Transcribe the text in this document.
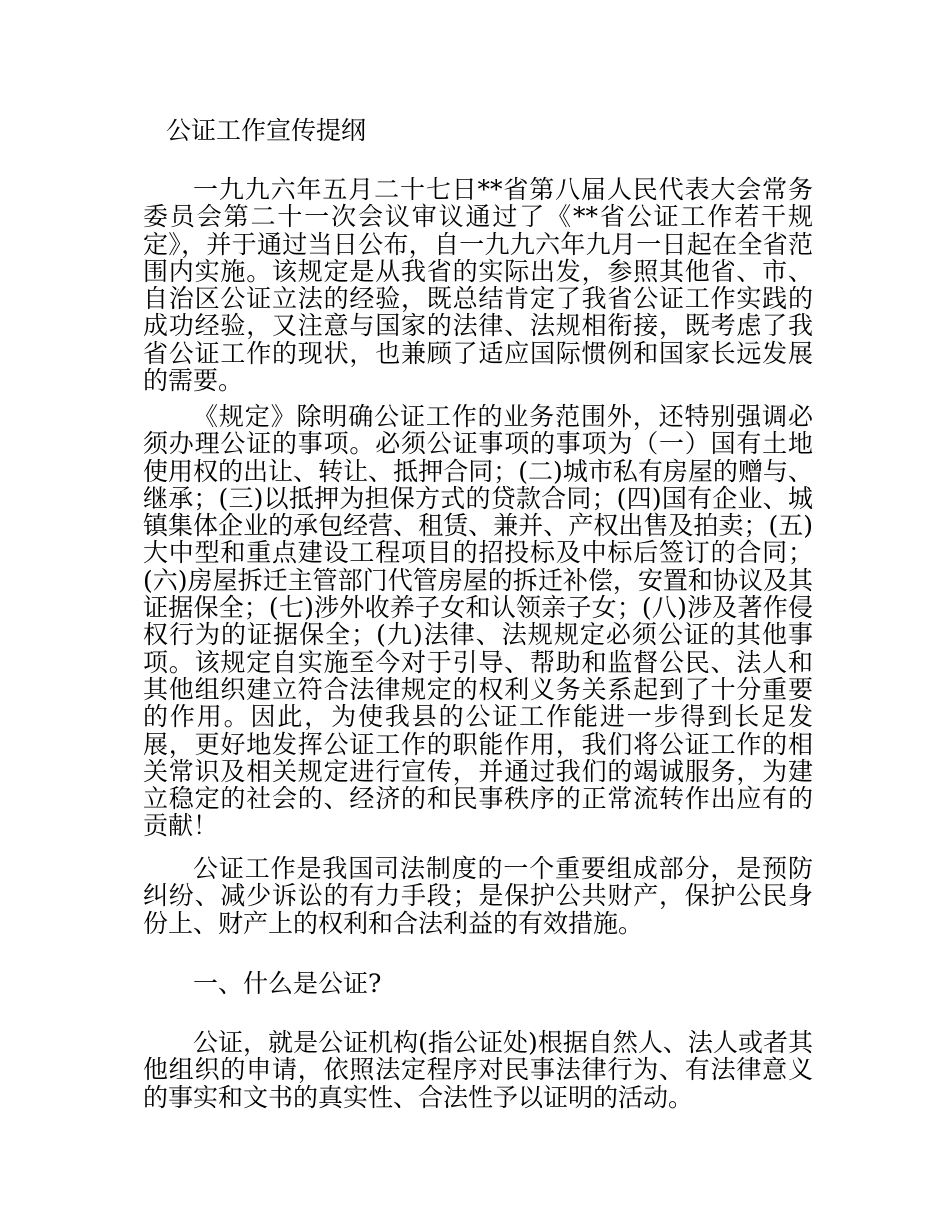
公证工作宣传提纲

一九九六年五月二十七日**省第八届人民代表大会常务委员会第二十一次会议审议通过了《**省公证工作若干规定》，并于通过当日公布，自一九九六年九月一日起在全省范围内实施。该规定是从我省的实际出发，参照其他省、市、自治区公证立法的经验，既总结肯定了我省公证工作实践的成功经验，又注意与国家的法律、法规相衔接，既考虑了我省公证工作的现状，也兼顾了适应国际惯例和国家长远发展的需要。

《规定》除明确公证工作的业务范围外，还特别强调必须办理公证的事项。必须公证事项的事项为（一）国有土地使用权的出让、转让、抵押合同；(二)城市私有房屋的赠与、继承；(三)以抵押为担保方式的贷款合同；(四)国有企业、城镇集体企业的承包经营、租赁、兼并、产权出售及拍卖；(五)大中型和重点建设工程项目的招投标及中标后签订的合同；(六)房屋拆迁主管部门代管房屋的拆迁补偿，安置和协议及其证据保全；(七)涉外收养子女和认领亲子女；(八)涉及著作侵权行为的证据保全；(九)法律、法规规定必须公证的其他事项。该规定自实施至今对于引导、帮助和监督公民、法人和其他组织建立符合法律规定的权利义务关系起到了十分重要的作用。因此，为使我县的公证工作能进一步得到长足发展，更好地发挥公证工作的职能作用，我们将公证工作的相关常识及相关规定进行宣传，并通过我们的竭诚服务，为建立稳定的社会的、经济的和民事秩序的正常流转作出应有的贡献！

公证工作是我国司法制度的一个重要组成部分，是预防纠纷、减少诉讼的有力手段；是保护公共财产，保护公民身份上、财产上的权利和合法利益的有效措施。

一、什么是公证?

公证，就是公证机构(指公证处)根据自然人、法人或者其他组织的申请，依照法定程序对民事法律行为、有法律意义的事实和文书的真实性、合法性予以证明的活动。
